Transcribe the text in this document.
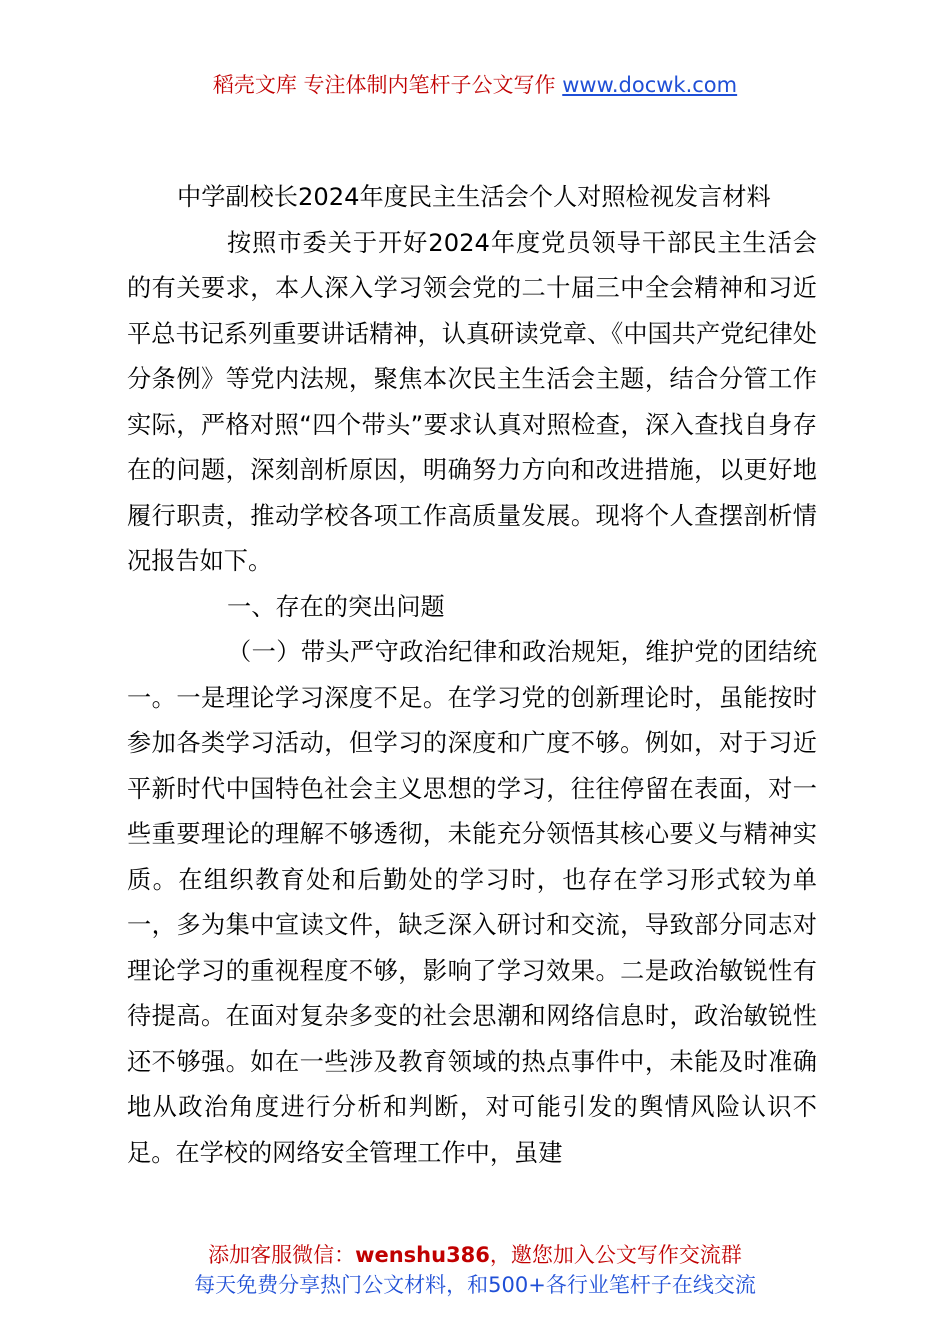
稻壳文库 专注体制内笔杆子公文写作 www.docwk.com

中学副校长2024年度民主生活会个人对照检视发言材料

按照市委关于开好2024年度党员领导干部民主生活会的有关要求，本人深入学习领会党的二十届三中全会精神和习近平总书记系列重要讲话精神，认真研读党章、《中国共产党纪律处分条例》等党内法规，聚焦本次民主生活会主题，结合分管工作实际，严格对照“四个带头”要求认真对照检查，深入查找自身存在的问题，深刻剖析原因，明确努力方向和改进措施，以更好地履行职责，推动学校各项工作高质量发展。现将个人查摆剖析情况报告如下。

一、存在的突出问题

（一）带头严守政治纪律和政治规矩，维护党的团结统一。一是理论学习深度不足。在学习党的创新理论时，虽能按时参加各类学习活动，但学习的深度和广度不够。例如，对于习近平新时代中国特色社会主义思想的学习，往往停留在表面，对一些重要理论的理解不够透彻，未能充分领悟其核心要义与精神实质。在组织教育处和后勤处的学习时，也存在学习形式较为单一，多为集中宣读文件，缺乏深入研讨和交流，导致部分同志对理论学习的重视程度不够，影响了学习效果。二是政治敏锐性有待提高。在面对复杂多变的社会思潮和网络信息时，政治敏锐性还不够强。如在一些涉及教育领域的热点事件中，未能及时准确地从政治角度进行分析和判断，对可能引发的舆情风险认识不足。在学校的网络安全管理工作中，虽建

添加客服微信：wenshu386，邀您加入公文写作交流群
每天免费分享热门公文材料，和500+各行业笔杆子在线交流
